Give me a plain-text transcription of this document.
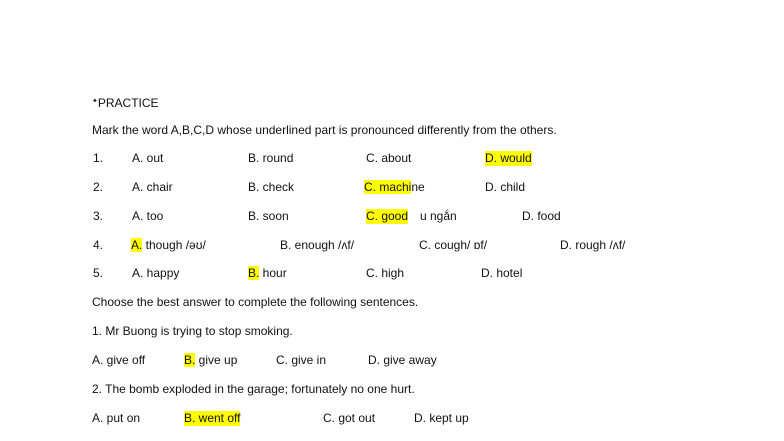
✦PRACTICE
Mark the word A,B,C,D whose underlined part is pronounced differently from the others.
1. A. out	B. round	C. about	D. would
2. A. chair	B. check	C. machine	D. child
3. A. too	B. soon	C. good u ngắn	D. food
4. A. though /əʊ/	B. enough /ʌf/	C. cough/ ɒf/	D. rough /ʌf/
5. A. happy	B. hour	C. high	D. hotel
Choose the best answer to complete the following sentences.
1. Mr Buong is trying to stop smoking.
A. give off	B. give up	C. give in	D. give away
2. The bomb exploded in the garage; fortunately no one hurt.
A. put on	B. went off	C. got out	D. kept up
